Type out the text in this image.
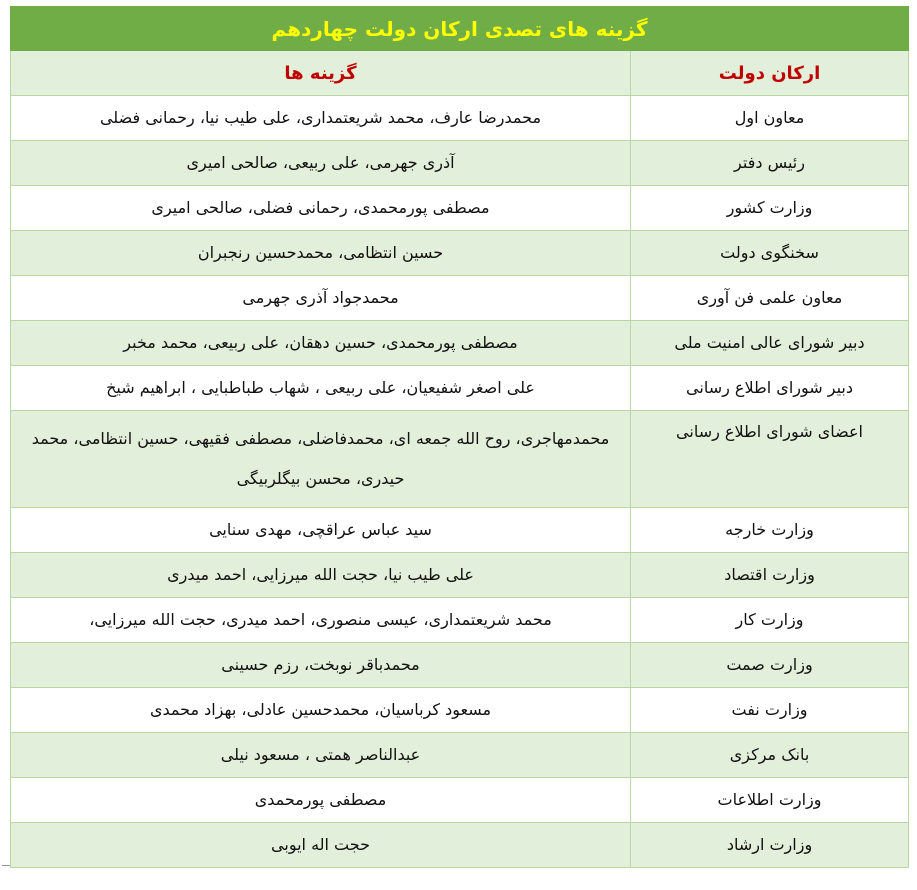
گزینه های تصدی ارکان دولت چهاردهم	
ارکان دولت	گزینه ها
معاون اول	محمدرضا عارف، محمد شریعتمداری، علی طیب نیا، رحمانی فضلی
رئیس دفتر	آذری جهرمی، علی ربیعی، صالحی امیری
وزارت کشور	مصطفی پورمحمدی، رحمانی فضلی، صالحی امیری
سخنگوی دولت	حسین انتظامی، محمدحسین رنجبران
معاون علمی فن آوری	محمدجواد آذری جهرمی
دبیر شورای عالی امنیت ملی	مصطفی پورمحمدی، حسین دهقان، علی ربیعی، محمد مخبر
دبیر شورای اطلاع رسانی	علی اصغر شفیعیان، علی ربیعی ، شهاب طباطبایی ، ابراهیم شیخ
اعضای شورای اطلاع رسانی	محمدمهاجری، روح الله جمعه ای، محمدفاضلی، مصطفی فقیهی، حسین انتظامی، محمد حیدری، محسن بیگلربیگی
وزارت خارجه	سید عباس عراقچی، مهدی سنایی
وزارت اقتصاد	علی طیب نیا، حجت الله میرزایی، احمد میدری
وزارت کار	محمد شریعتمداری، عیسی منصوری، احمد میدری، حجت الله میرزایی،
وزارت صمت	محمدباقر نوبخت، رزم حسینی
وزارت نفت	مسعود کرباسیان، محمدحسین عادلی، بهزاد محمدی
بانک مرکزی	عبدالناصر همتی ، مسعود نیلی
وزارت اطلاعات	مصطفی پورمحمدی
وزارت ارشاد	حجت اله ایوبی
